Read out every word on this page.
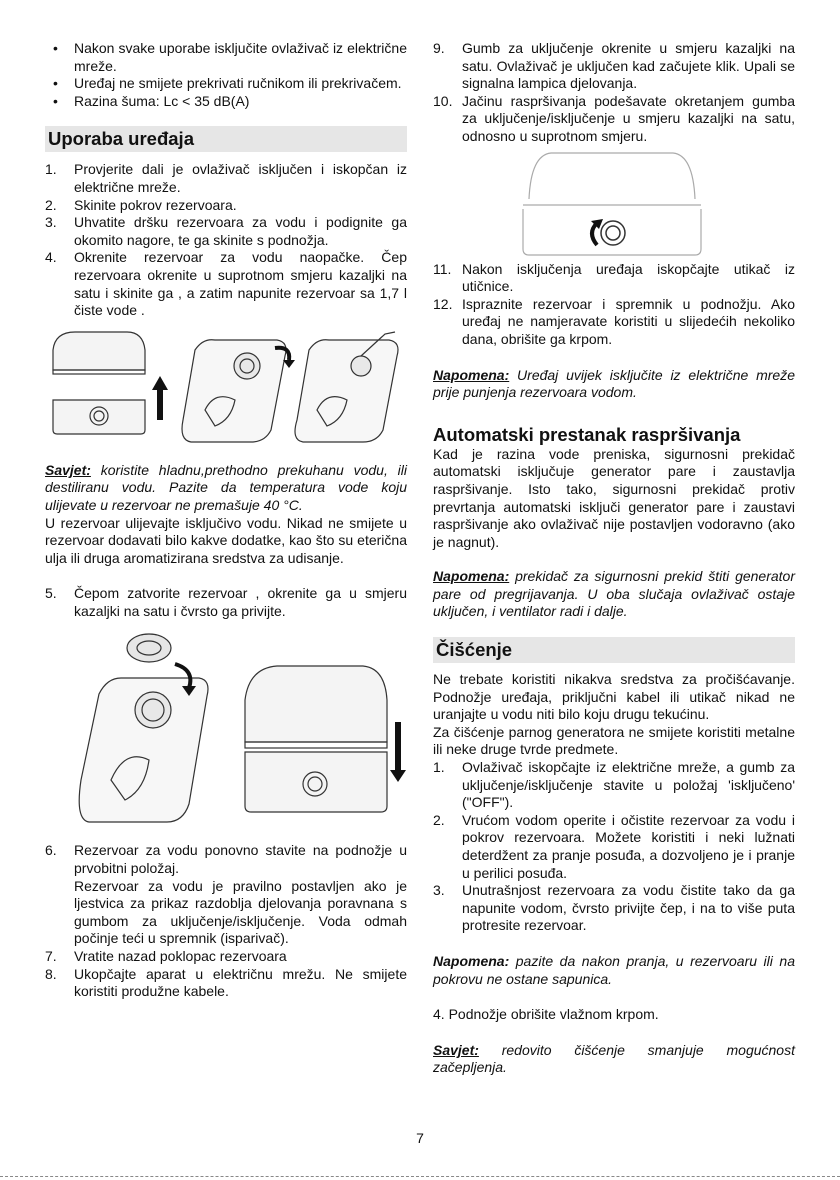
• Nakon svake uporabe isključite ovlaživač iz električne mreže.
• Uređaj ne smijete prekrivati ručnikom ili prekrivačem.
• Razina šuma: Lc < 35 dB(A)
Uporaba uređaja
1. Provjerite dali je ovlaživač isključen i iskopčan iz električne mreže.
2. Skinite pokrov rezervoara.
3. Uhvatite dršku rezervoara za vodu i podignite ga okomito nagore, te ga skinite s podnožja.
4. Okrenite rezervoar za vodu naopačke. Čep rezervoara okrenite u suprotnom smjeru kazaljki na satu i skinite ga , a zatim napunite rezervoar sa 1,7 l čiste vode .

Savjet: koristite hladnu,prethodno prekuhanu vodu, ili destiliranu vodu. Pazite da temperatura vode koju ulijevate u rezervoar ne premašuje 40 °C.

U rezervoar ulijevajte isključivo vodu. Nikad ne smijete u rezervoar dodavati bilo kakve dodatke, kao što su eterična ulja ili druga aromatizirana sredstva za udisanje.

5. Čepom zatvorite rezervoar , okrenite ga u smjeru kazaljki na satu i čvrsto ga privijte.
6. Rezervoar za vodu ponovno stavite na podnožje u prvobitni položaj.
Rezervoar za vodu je pravilno postavljen ako je ljestvica za prikaz razdoblja djelovanja poravnana s gumbom za uključenje/isključenje. Voda odmah počinje teći u spremnik (isparivač).
7. Vratite nazad poklopac rezervoara
8. Ukopčajte aparat u električnu mrežu. Ne smijete koristiti produžne kabele.
9. Gumb za uključenje okrenite u smjeru kazaljki na satu. Ovlaživač je uključen kad začujete klik. Upali se signalna lampica djelovanja.
10. Jačinu raspršivanja podešavate okretanjem gumba za uključenje/isključenje u smjeru kazaljki na satu, odnosno u suprotnom smjeru.
11. Nakon isključenja uređaja iskopčajte utikač iz utičnice.
12. Ispraznite rezervoar i spremnik u podnožju. Ako uređaj ne namjeravate koristiti u slijedećih nekoliko dana, obrišite ga krpom.

Napomena: Uređaj uvijek isključite iz električne mreže prije punjenja rezervoara vodom.

Automatski prestanak raspršivanja

Kad je razina vode preniska, sigurnosni prekidač automatski isključuje generator pare i zaustavlja raspršivanje. Isto tako, sigurnosni prekidač protiv prevrtanja automatski isključi generator pare i zaustavi raspršivanje ako ovlaživač nije postavljen vodoravno (ako je nagnut).

Napomena: prekidač za sigurnosni prekid štiti generator pare od pregrijavanja. U oba slučaja ovlaživač ostaje uključen, i ventilator radi i dalje.

Čišćenje

Ne trebate koristiti nikakva sredstva za pročišćavanje. Podnožje uređaja, priključni kabel ili utikač nikad ne uranjajte u vodu niti bilo koju drugu tekućinu.

Za čišćenje parnog generatora ne smijete koristiti metalne ili neke druge tvrde predmete.

1. Ovlaživač iskopčajte iz električne mreže, a gumb za uključenje/isključenje stavite u položaj 'isključeno' ("OFF").
2. Vrućom vodom operite i očistite rezervoar za vodu i pokrov rezervoara. Možete koristiti i neki lužnati deterdžent za pranje posuđa, a dozvoljeno je i pranje u perilici posuđa.
3. Unutrašnjost rezervoara za vodu čistite tako da ga napunite vodom, čvrsto privijte čep, i na to više puta protresite rezervoar.

Napomena: pazite da nakon pranja, u rezervoaru ili na pokrovu ne ostane sapunica.

4. Podnožje obrišite vlažnom krpom.

Savjet: redovito čišćenje smanjuje mogućnost začepljenja.

7
